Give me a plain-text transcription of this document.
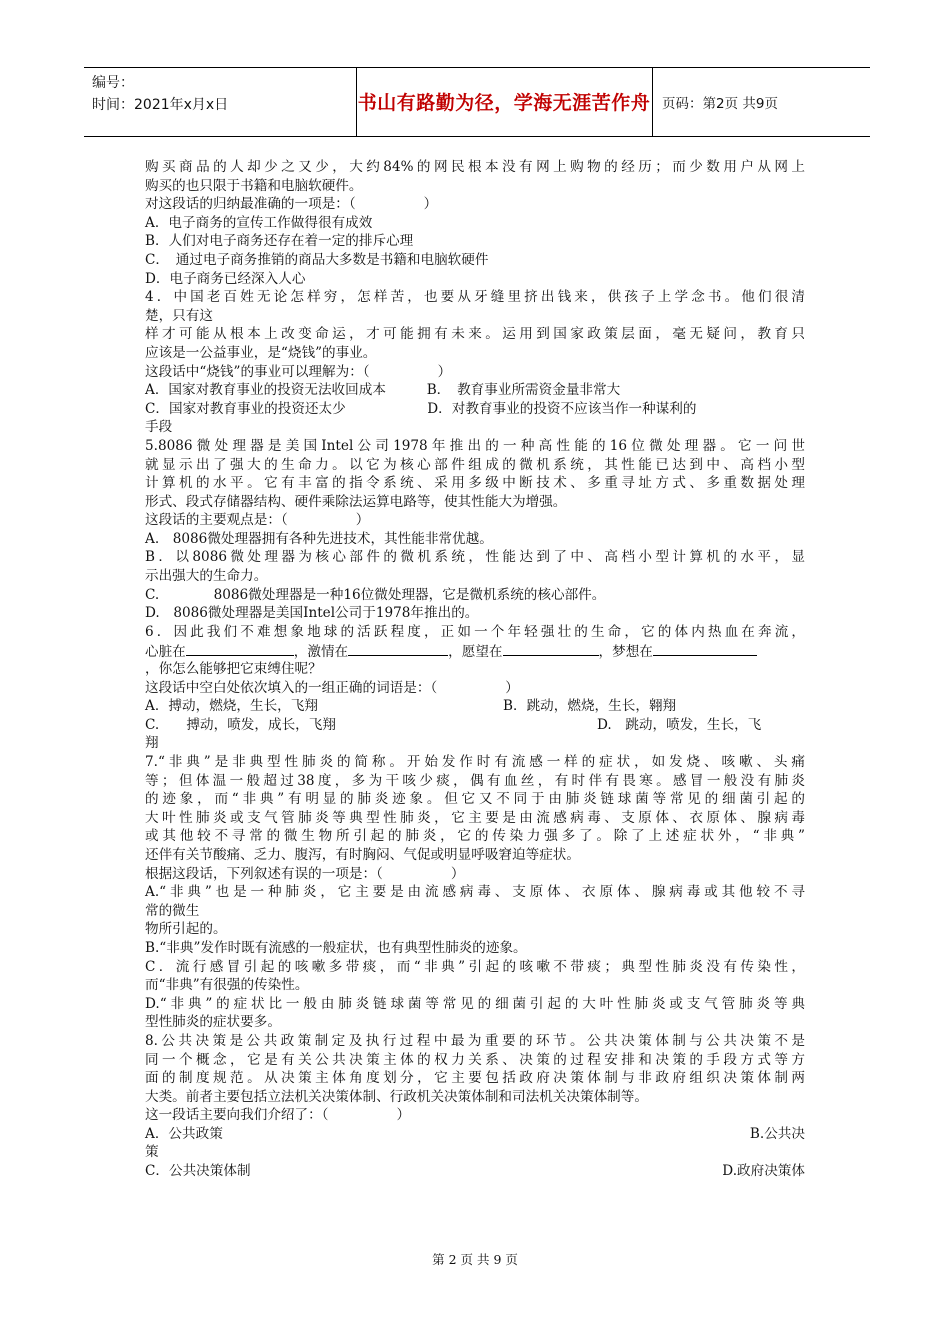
编号：
时间：2021年x月x日	书山有路勤为径，学海无涯苦作舟 页码：第2页 共9页
购买商品的人却少之又少，大约84%的网民根本没有网上购物的经历；而少数用户从网上
购买的也只限于书籍和电脑软硬件。
对这段话的归纳最准确的一项是：（　　　　　）
A．电子商务的宣传工作做得很有成效
B．人们对电子商务还存在着一定的排斥心理
C．　通过电子商务推销的商品大多数是书籍和电脑软硬件
D．电子商务已经深入人心
4．中国老百姓无论怎样穷，怎样苦，也要从牙缝里挤出钱来，供孩子上学念书。他们很清
楚，只有这
样才可能从根本上改变命运，才可能拥有未来。运用到国家政策层面，毫无疑问，教育只
应该是一公益事业，是“烧钱”的事业。
这段话中“烧钱”的事业可以理解为：（　　　　　）
A．国家对教育事业的投资无法收回成本　　　B．　教育事业所需资金量非常大
C．国家对教育事业的投资还太少　　　　　　D．对教育事业的投资不应该当作一种谋利的
手段
5.8086微处理器是美国Intel公司1978年推出的一种高性能的16位微处理器。它一问世
就显示出了强大的生命力。以它为核心部件组成的微机系统，其性能已达到中、高档小型
计算机的水平。它有丰富的指令系统、采用多级中断技术、多重寻址方式、多重数据处理
形式、段式存储器结构、硬件乘除法运算电路等，使其性能大为增强。
这段话的主要观点是：（　　　　　）
A.　8086微处理器拥有各种先进技术，其性能非常优越。
B．以8086微处理器为核心部件的微机系统，性能达到了中、高档小型计算机的水平，显
示出强大的生命力。
C.　　　　8086微处理器是一种16位微处理器，它是微机系统的核心部件。
D.　8086微处理器是美国Intel公司于1978年推出的。
6．因此我们不难想象地球的活跃程度，正如一个年轻强壮的生命，它的体内热血在奔流，
心脏在	，激情在	，愿望在	，梦想在
，你怎么能够把它束缚住呢？
这段话中空白处依次填入的一组正确的词语是：（　　　　　）
A．搏动，燃烧，生长，飞翔	B．跳动，燃烧，生长，翱翔
C.　　搏动，喷发，成长，飞翔	D.　跳动，喷发，生长，飞
翔
7.“非典”是非典型性肺炎的简称。开始发作时有流感一样的症状，如发烧、咳嗽、头痛
等；但体温一般超过38度，多为干咳少痰，偶有血丝，有时伴有畏寒。感冒一般没有肺炎
的迹象，而“非典”有明显的肺炎迹象。但它又不同于由肺炎链球菌等常见的细菌引起的
大叶性肺炎或支气管肺炎等典型性肺炎，它主要是由流感病毒、支原体、衣原体、腺病毒
或其他较不寻常的微生物所引起的肺炎，它的传染力强多了。除了上述症状外，“非典”
还伴有关节酸痛、乏力、腹泻，有时胸闷、气促或明显呼吸窘迫等症状。
根据这段话，下列叙述有误的一项是：（　　　　　）
A.“非典”也是一种肺炎，它主要是由流感病毒、支原体、衣原体、腺病毒或其他较不寻
常的微生
物所引起的。
B.“非典”发作时既有流感的一般症状，也有典型性肺炎的迹象。
C．流行感冒引起的咳嗽多带痰，而“非典”引起的咳嗽不带痰；典型性肺炎没有传染性，
而“非典”有很强的传染性。
D.“非典”的症状比一般由肺炎链球菌等常见的细菌引起的大叶性肺炎或支气管肺炎等典
型性肺炎的症状要多。
8.公共决策是公共政策制定及执行过程中最为重要的环节。公共决策体制与公共决策不是
同一个概念，它是有关公共决策主体的权力关系、决策的过程安排和决策的手段方式等方
面的制度规范。从决策主体角度划分，它主要包括政府决策体制与非政府组织决策体制两
大类。前者主要包括立法机关决策体制、行政机关决策体制和司法机关决策体制等。
这一段话主要向我们介绍了：（　　　　　）
A．公共政策	B.公共决
策
C．公共决策体制	D.政府决策体
第 2 页 共 9 页
